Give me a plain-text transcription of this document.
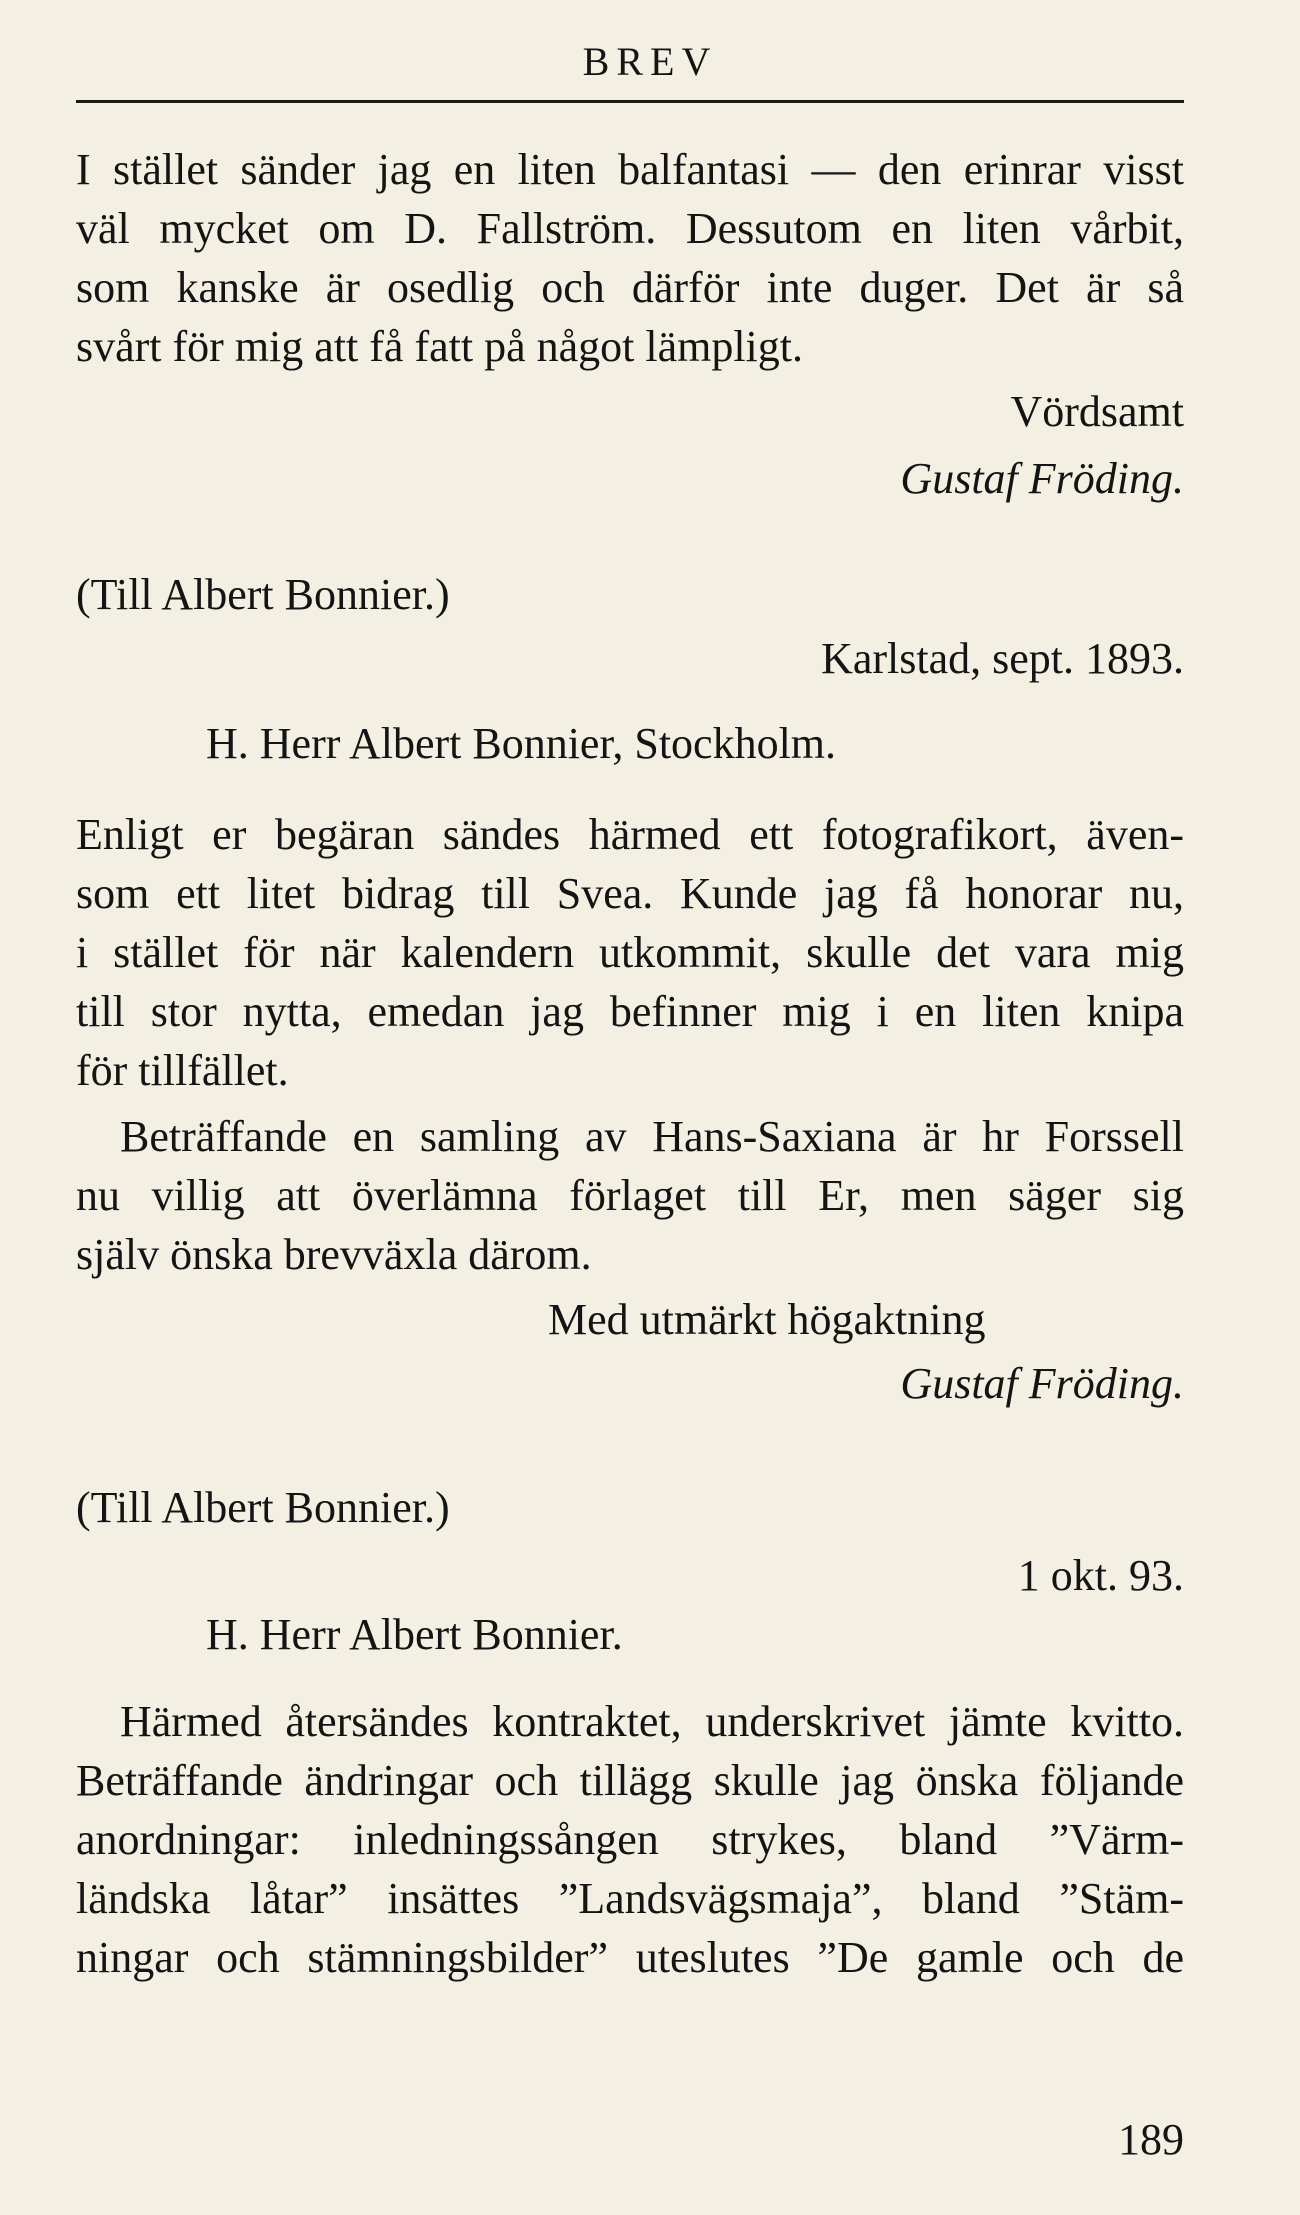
BREV
I stället sänder jag en liten balfantasi — den erinrar visst
väl mycket om D. Fallström. Dessutom en liten vårbit,
som kanske är osedlig och därför inte duger. Det är så
svårt för mig att få fatt på något lämpligt.
Vördsamt
Gustaf Fröding.
(Till Albert Bonnier.)
Karlstad, sept. 1893.
H. Herr Albert Bonnier, Stockholm.
Enligt er begäran sändes härmed ett fotografikort, även-
som ett litet bidrag till Svea. Kunde jag få honorar nu,
i stället för när kalendern utkommit, skulle det vara mig
till stor nytta, emedan jag befinner mig i en liten knipa
för tillfället.
Beträffande en samling av Hans-Saxiana är hr Forssell
nu villig att överlämna förlaget till Er, men säger sig
själv önska brevväxla därom.
Med utmärkt högaktning
Gustaf Fröding.
(Till Albert Bonnier.)
1 okt. 93.
H. Herr Albert Bonnier.
Härmed återsändes kontraktet, underskrivet jämte kvitto.
Beträffande ändringar och tillägg skulle jag önska följande
anordningar: inledningssången strykes, bland ”Värm-
ländska låtar” insättes ”Landsvägsmaja”, bland ”Stäm-
ningar och stämningsbilder” uteslutes ”De gamle och de
189
